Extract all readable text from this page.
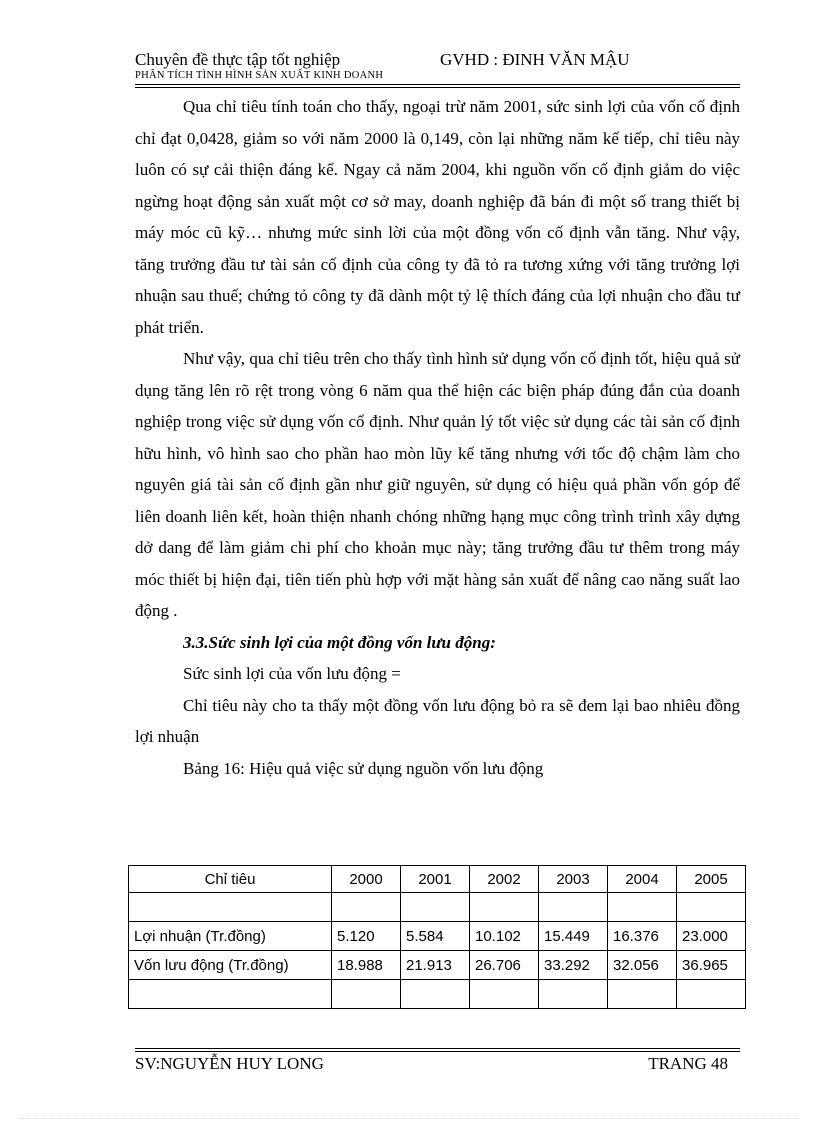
Chuyên đề thực tập tốt nghiệp	GVHD : ĐINH VĂN MẬU
PHÂN TÍCH TÌNH HÌNH SẢN XUẤT KINH DOANH

Qua chỉ tiêu tính toán cho thấy, ngoại trừ năm 2001, sức sinh lợi của vốn cố định chỉ đạt 0,0428, giảm so với năm 2000 là 0,149, còn lại những năm kế tiếp, chỉ tiêu này luôn có sự cải thiện đáng kể. Ngay cả năm 2004, khi nguồn vốn cố định giảm do việc ngừng hoạt động sản xuất một cơ sở may, doanh nghiệp đã bán đi một số trang thiết bị máy móc cũ kỹ… nhưng mức sinh lời của một đồng vốn cố định vẫn tăng. Như vậy, tăng trưởng đầu tư tài sản cố định của công ty đã tỏ ra tương xứng với tăng trưởng lợi nhuận sau thuế; chứng tỏ công ty đã dành một tỷ lệ thích đáng của lợi nhuận cho đầu tư phát triển.

Như vậy, qua chỉ tiêu trên cho thấy tình hình sử dụng vốn cố định tốt, hiệu quả sử dụng tăng lên rõ rệt trong vòng 6 năm qua thể hiện các biện pháp đúng đắn của doanh nghiệp trong việc sử dụng vốn cố định. Như quản lý tốt việc sử dụng các tài sản cố định hữu hình, vô hình sao cho phần hao mòn lũy kế tăng nhưng với tốc độ chậm làm cho nguyên giá tài sản cố định gần như giữ nguyên, sử dụng có hiệu quả phần vốn góp để liên doanh liên kết, hoàn thiện nhanh chóng những hạng mục công trình trình xây dựng dở dang để làm giảm chi phí cho khoản mục này; tăng trưởng đầu tư thêm trong máy móc thiết bị hiện đại, tiên tiến phù hợp với mặt hàng sản xuất để nâng cao năng suất lao động .

3.3.Sức sinh lợi của một đồng vốn lưu động:

Sức sinh lợi của vốn lưu động =

Chỉ tiêu này cho ta thấy một đồng vốn lưu động bỏ ra sẽ đem lại bao nhiêu đồng lợi nhuận

Bảng 16: Hiệu quả việc sử dụng nguồn vốn lưu động

Chỉ tiêu	2000	2001	2002	2003	2004	2005

Lợi nhuận (Tr.đồng)	5.120	5.584	10.102	15.449	16.376	23.000
Vốn lưu động (Tr.đồng)	18.988	21.913	26.706	33.292	32.056	36.965

SV:NGUYỄN HUY LONG	TRANG 48
